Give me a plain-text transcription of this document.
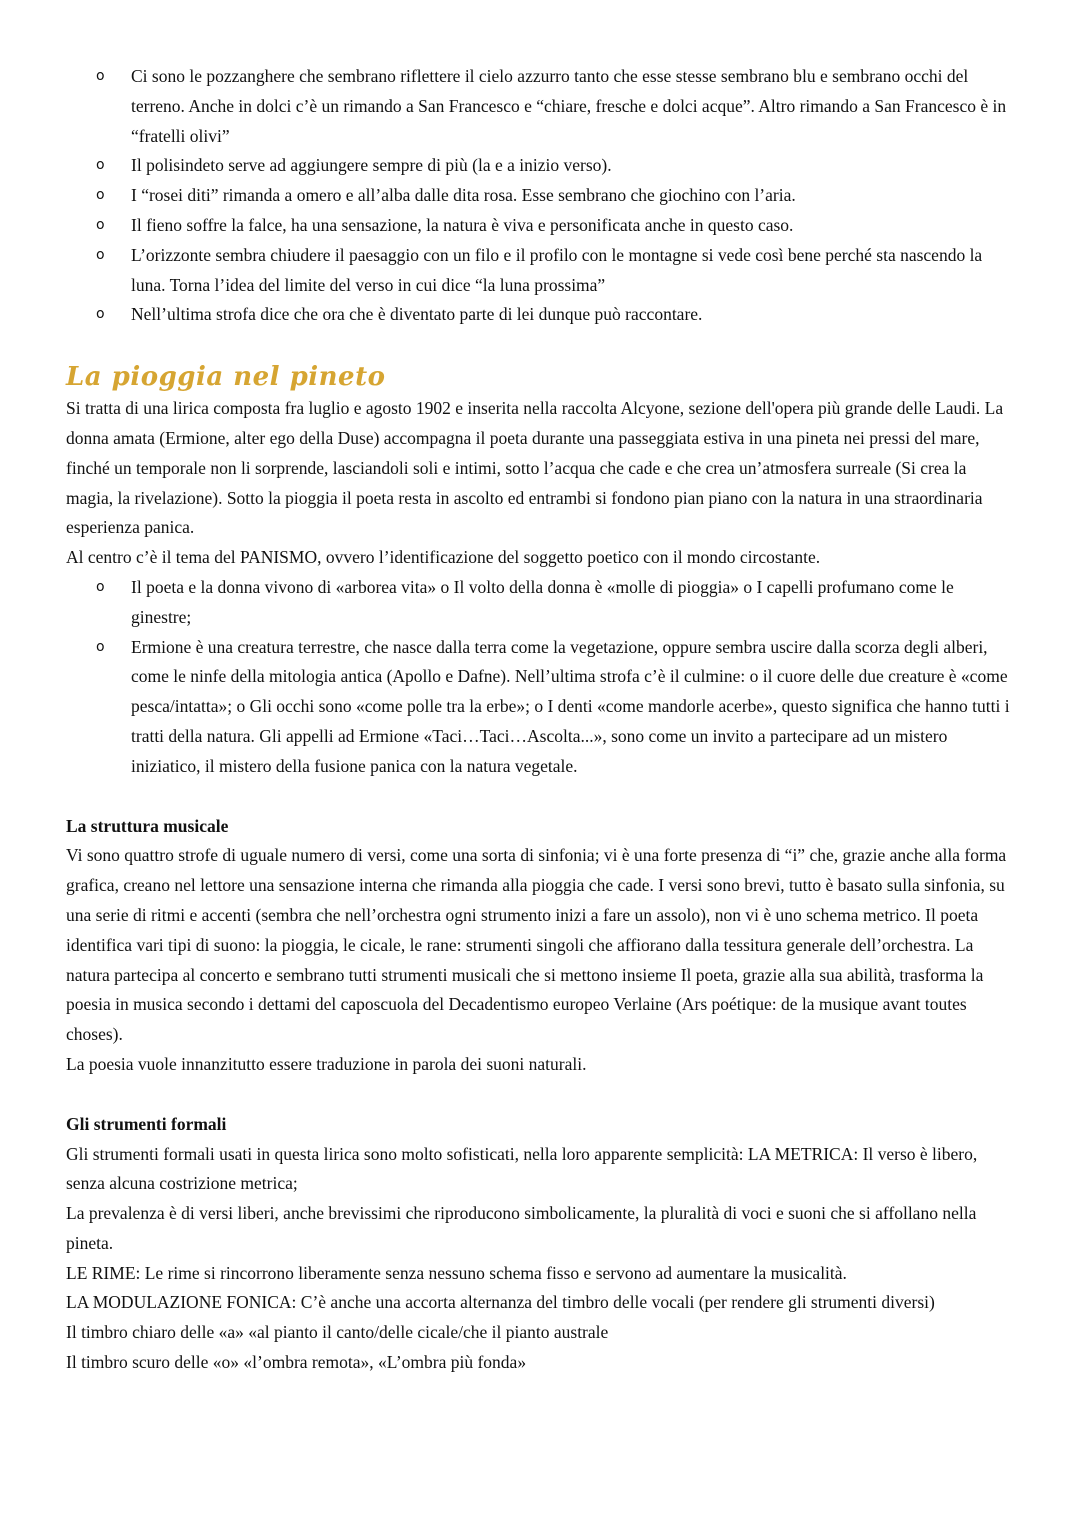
o Ci sono le pozzanghere che sembrano riflettere il cielo azzurro tanto che esse stesse sembrano blu e sembrano occhi del terreno. Anche in dolci c’è un rimando a San Francesco e “chiare, fresche e dolci acque”. Altro rimando a San Francesco è in “fratelli olivi”
o Il polisindeto serve ad aggiungere sempre di più (la e a inizio verso).
o I “rosei diti” rimanda a omero e all’alba dalle dita rosa. Esse sembrano che giochino con l’aria.
o Il fieno soffre la falce, ha una sensazione, la natura è viva e personificata anche in questo caso.
o L’orizzonte sembra chiudere il paesaggio con un filo e il profilo con le montagne si vede così bene perché sta nascendo la luna. Torna l’idea del limite del verso in cui dice “la luna prossima”
o Nell’ultima strofa dice che ora che è diventato parte di lei dunque può raccontare.
La pioggia nel pineto

Si tratta di una lirica composta fra luglio e agosto 1902 e inserita nella raccolta Alcyone, sezione dell'opera più grande delle Laudi. La donna amata (Ermione, alter ego della Duse) accompagna il poeta durante una passeggiata estiva in una pineta nei pressi del mare, finché un temporale non li sorprende, lasciandoli soli e intimi, sotto l’acqua che cade e che crea un’atmosfera surreale (Si crea la magia, la rivelazione). Sotto la pioggia il poeta resta in ascolto ed entrambi si fondono pian piano con la natura in una straordinaria esperienza panica.

Al centro c’è il tema del PANISMO, ovvero l’identificazione del soggetto poetico con il mondo circostante.

o Il poeta e la donna vivono di «arborea vita» o Il volto della donna è «molle di pioggia» o I capelli profumano come le ginestre;
o Ermione è una creatura terrestre, che nasce dalla terra come la vegetazione, oppure sembra uscire dalla scorza degli alberi, come le ninfe della mitologia antica (Apollo e Dafne). Nell’ultima strofa c’è il culmine: o il cuore delle due creature è «come pesca/intatta»; o Gli occhi sono «come polle tra la erbe»; o I denti «come mandorle acerbe», questo significa che hanno tutti i tratti della natura. Gli appelli ad Ermione «Taci…Taci…Ascolta...», sono come un invito a partecipare ad un mistero iniziatico, il mistero della fusione panica con la natura vegetale.

La struttura musicale

Vi sono quattro strofe di uguale numero di versi, come una sorta di sinfonia; vi è una forte presenza di “i” che, grazie anche alla forma grafica, creano nel lettore una sensazione interna che rimanda alla pioggia che cade. I versi sono brevi, tutto è basato sulla sinfonia, su una serie di ritmi e accenti (sembra che nell’orchestra ogni strumento inizi a fare un assolo), non vi è uno schema metrico. Il poeta identifica vari tipi di suono: la pioggia, le cicale, le rane: strumenti singoli che affiorano dalla tessitura generale dell’orchestra. La natura partecipa al concerto e sembrano tutti strumenti musicali che si mettono insieme Il poeta, grazie alla sua abilità, trasforma la poesia in musica secondo i dettami del caposcuola del Decadentismo europeo Verlaine (Ars poétique: de la musique avant toutes choses).

La poesia vuole innanzitutto essere traduzione in parola dei suoni naturali.

Gli strumenti formali

Gli strumenti formali usati in questa lirica sono molto sofisticati, nella loro apparente semplicità: LA METRICA: Il verso è libero, senza alcuna costrizione metrica;

La prevalenza è di versi liberi, anche brevissimi che riproducono simbolicamente, la pluralità di voci e suoni che si affollano nella pineta.

LE RIME: Le rime si rincorrono liberamente senza nessuno schema fisso e servono ad aumentare la musicalità.

LA MODULAZIONE FONICA: C’è anche una accorta alternanza del timbro delle vocali (per rendere gli strumenti diversi)

Il timbro chiaro delle «a» «al pianto il canto/delle cicale/che il pianto australe

Il timbro scuro delle «o» «l’ombra remota», «L’ombra più fonda»
